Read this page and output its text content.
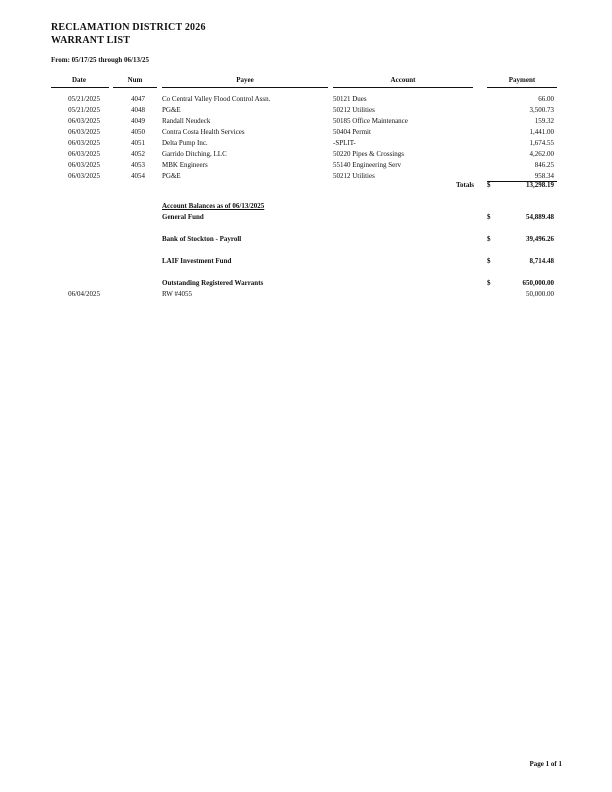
RECLAMATION DISTRICT 2026
WARRANT LIST
From: 05/17/25 through 06/13/25
Date	Num	Payee	Account	Payment
05/21/2025	4047 Co Central Valley Flood Control Assn.	50121 Dues	66.00
05/21/2025	4048 PG&E	50212 Utilities	3,500.73
06/03/2025	4049 Randall Neudeck	50185 Office Maintenance	159.32
06/03/2025	4050 Contra Costa Health Services	50404 Permit	1,441.00
06/03/2025	4051 Delta Pump Inc.	-SPLIT-	1,674.55
06/03/2025	4052 Garrido Ditching, LLC	50220 Pipes & Crossings	4,262.00
06/03/2025	4053 MBK Engineers	55140 Engineering Serv	846.25
06/03/2025	4054 PG&E	50212 Utilities	958.34
Totals $	13,298.19
Account Balances as of 06/13/2025
General Fund	$	54,889.48
Bank of Stockton - Payroll	$	39,496.26
LAIF Investment Fund	$	8,714.48
Outstanding Registered Warrants	$	650,000.00
06/04/2025	RW #4055	50,000.00
Page 1 of 1
